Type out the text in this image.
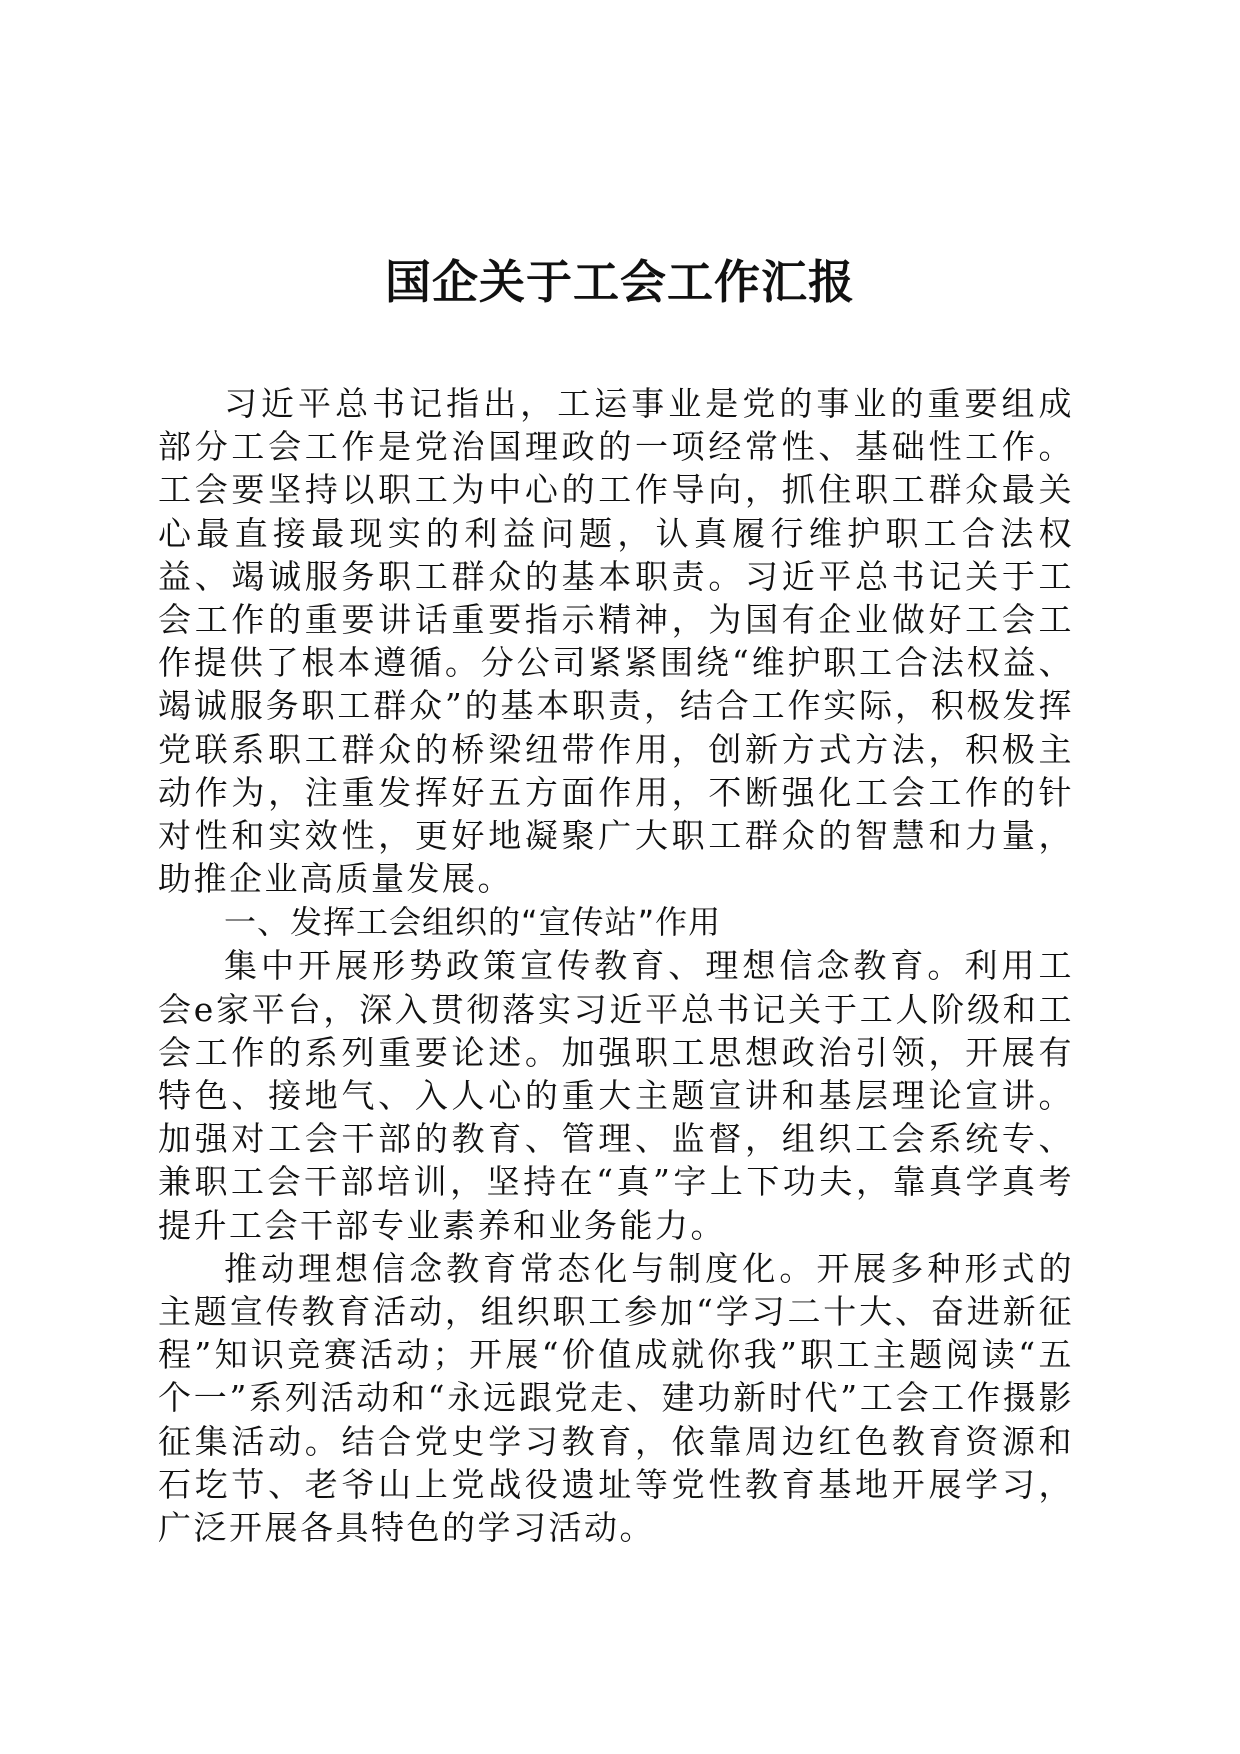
国企关于工会工作汇报

习近平总书记指出，工运事业是党的事业的重要组成部分工会工作是党治国理政的一项经常性、基础性工作。工会要坚持以职工为中心的工作导向，抓住职工群众最关心最直接最现实的利益问题，认真履行维护职工合法权益、竭诚服务职工群众的基本职责。习近平总书记关于工会工作的重要讲话重要指示精神，为国有企业做好工会工作提供了根本遵循。分公司紧紧围绕“维护职工合法权益、竭诚服务职工群众”的基本职责，结合工作实际，积极发挥党联系职工群众的桥梁纽带作用，创新方式方法，积极主动作为，注重发挥好五方面作用，不断强化工会工作的针对性和实效性，更好地凝聚广大职工群众的智慧和力量，助推企业高质量发展。

一、发挥工会组织的“宣传站”作用

集中开展形势政策宣传教育、理想信念教育。利用工会e家平台，深入贯彻落实习近平总书记关于工人阶级和工会工作的系列重要论述。加强职工思想政治引领，开展有特色、接地气、入人心的重大主题宣讲和基层理论宣讲。加强对工会干部的教育、管理、监督，组织工会系统专、兼职工会干部培训，坚持在“真”字上下功夫，靠真学真考提升工会干部专业素养和业务能力。

推动理想信念教育常态化与制度化。开展多种形式的主题宣传教育活动，组织职工参加“学习二十大、奋进新征程”知识竞赛活动；开展“价值成就你我”职工主题阅读“五个一”系列活动和“永远跟党走、建功新时代”工会工作摄影征集活动。结合党史学习教育，依靠周边红色教育资源和石圪节、老爷山上党战役遗址等党性教育基地开展学习，广泛开展各具特色的学习活动。
